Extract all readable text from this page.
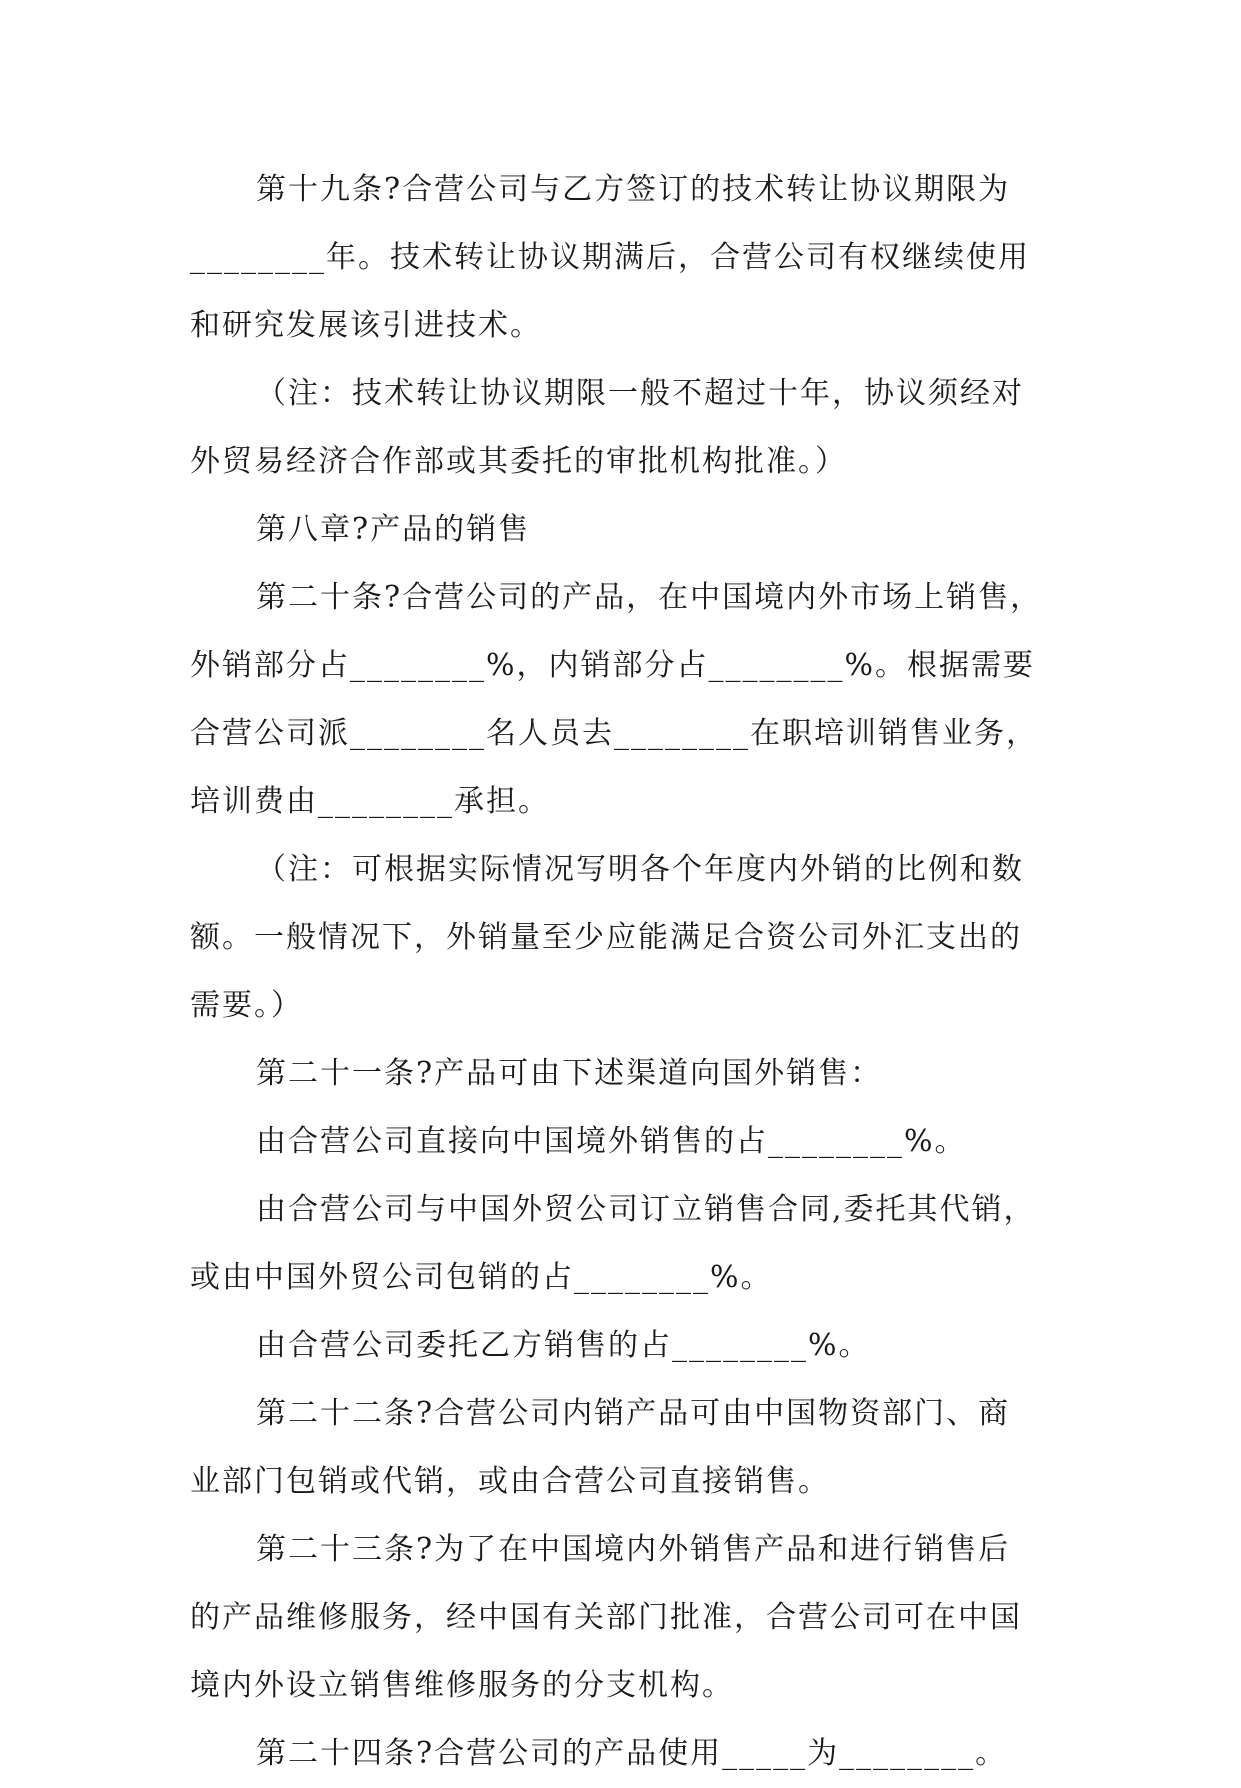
第十九条?合营公司与乙方签订的技术转让协议期限为
________年。技术转让协议期满后，合营公司有权继续使用
和研究发展该引进技术。
（注：技术转让协议期限一般不超过十年，协议须经对
外贸易经济合作部或其委托的审批机构批准。）
第八章?产品的销售
第二十条?合营公司的产品，在中国境内外市场上销售，
外销部分占________%，内销部分占________%。根据需要
合营公司派________名人员去________在职培训销售业务，
培训费由________承担。
（注：可根据实际情况写明各个年度内外销的比例和数
额。一般情况下，外销量至少应能满足合资公司外汇支出的
需要。）
第二十一条?产品可由下述渠道向国外销售：
由合营公司直接向中国境外销售的占________%。
由合营公司与中国外贸公司订立销售合同,委托其代销，
或由中国外贸公司包销的占________%。
由合营公司委托乙方销售的占________%。
第二十二条?合营公司内销产品可由中国物资部门、商
业部门包销或代销，或由合营公司直接销售。
第二十三条?为了在中国境内外销售产品和进行销售后
的产品维修服务，经中国有关部门批准，合营公司可在中国
境内外设立销售维修服务的分支机构。
第二十四条?合营公司的产品使用_____为________。
